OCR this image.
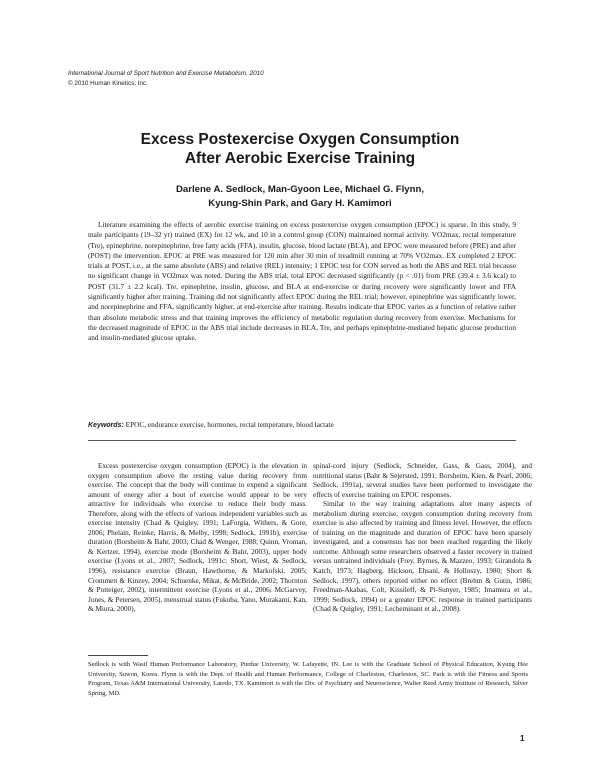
International Journal of Sport Nutrition and Exercise Metabolism, 2010
© 2010 Human Kinetics, Inc.
Excess Postexercise Oxygen Consumption
After Aerobic Exercise Training
Darlene A. Sedlock, Man-Gyoon Lee, Michael G. Flynn,
Kyung-Shin Park, and Gary H. Kamimori

Literature examining the effects of aerobic exercise training on excess postexercise oxygen consumption (EPOC) is sparse. In this study, 9 male participants (19–32 yr) trained (EX) for 12 wk, and 10 in a control group (CON) maintained normal activity. VO2max, rectal temperature (Tre), epinephrine, norepinephrine, free fatty acids (FFA), insulin, glucose, blood lactate (BLA), and EPOC were measured before (PRE) and after (POST) the intervention. EPOC at PRE was measured for 120 min after 30 min of treadmill running at 70% VO2max. EX completed 2 EPOC trials at POST, i.e., at the same absolute (ABS) and relative (REL) intensity; 1 EPOC test for CON served as both the ABS and REL trial because no significant change in VO2max was noted. During the ABS trial, total EPOC decreased significantly (p < .01) from PRE (39.4 ± 3.6 kcal) to POST (31.7 ± 2.2 kcal). Tre, epinephrine, insulin, glucose, and BLA at end-exercise or during recovery were significantly lower and FFA significantly higher after training. Training did not significantly affect EPOC during the REL trial; however, epinephrine was significantly lower, and norepinephrine and FFA, significantly higher, at end-exercise after training. Results indicate that EPOC varies as a function of relative rather than absolute metabolic stress and that training improves the efficiency of metabolic regulation during recovery from exercise. Mechanisms for the decreased magnitude of EPOC in the ABS trial include decreases in BLA, Tre, and perhaps epinephrine-mediated hepatic glucose production and insulin-mediated glucose uptake.

Keywords: EPOC, endurance exercise, hormones, rectal temperature, blood lactate

Excess postexercise oxygen consumption (EPOC) is the elevation in oxygen consumption above the resting value during recovery from exercise. The concept that the body will continue to expend a significant amount of energy after a bout of exercise would appear to be very attractive for individuals who exercise to reduce their body mass. Therefore, along with the effects of various independent variables such as exercise intensity (Chad & Quigley, 1991; LaForgia, Withers, & Gore, 2006; Phelain, Reinke, Harris, & Melby, 1998; Sedlock, 1991b), exercise duration (Borsheim & Bahr, 2003; Chad & Wenger, 1988; Quinn, Vroman, & Kertzer, 1994), exercise mode (Borsheim & Bahr, 2003), upper body exercise (Lyons et al., 2007; Sedlock, 1991c; Short, Wiest, & Sedlock, 1996), resistance exercise (Braun, Hawthorne, & Markofski, 2005; Crommett & Kinzey, 2004; Schuenke, Mikat, & McBride, 2002; Thornton & Potteiger, 2002), intermittent exercise (Lyons et al., 2006; McGarvey, Jones, & Petersen, 2005), menstrual status (Fukuba, Yano, Murakami, Kan, & Miura, 2000),

spinal-cord injury (Sedlock, Schneider, Gass, & Gass, 2004), and nutritional status (Bahr & Sejersted, 1991; Borsheim, Kien, & Pearl, 2006; Sedlock, 1991a), several studies have been performed to investigate the effects of exercise training on EPOC responses.

Similar to the way training adaptations alter many aspects of metabolism during exercise, oxygen consumption during recovery from exercise is also affected by training and fitness level. However, the effects of training on the magnitude and duration of EPOC have been sparsely investigated, and a consensus has not been reached regarding the likely outcome. Although some researchers observed a faster recovery in trained versus untrained individuals (Frey, Byrnes, & Mazzeo, 1993; Girandola & Katch, 1973; Hagberg, Hickson, Ehsani, & Holloszy, 1980; Short & Sedlock, 1997), others reported either no effect (Brehm & Gutin, 1986; Freedman-Akabas, Colt, Kissileff, & Pi-Sunyer, 1985; Imamura et al., 1999; Sedlock, 1994) or a greater EPOC response in trained participants (Chad & Quigley, 1991; Lecheminant et al., 2008).

Sedlock is with Wastl Human Performance Laboratory, Purdue University, W. Lafayette, IN. Lee is with the Graduate School of Physical Education, Kyung Hee University, Suwon, Korea. Flynn is with the Dept. of Health and Human Performance, College of Charleston, Charleston, SC. Park is with the Fitness and Sports Program, Texas A&M International University, Laredo, TX. Kamimori is with the Div. of Psychiatry and Neuroscience, Walter Reed Army Institute of Research, Silver Spring, MD.
1
